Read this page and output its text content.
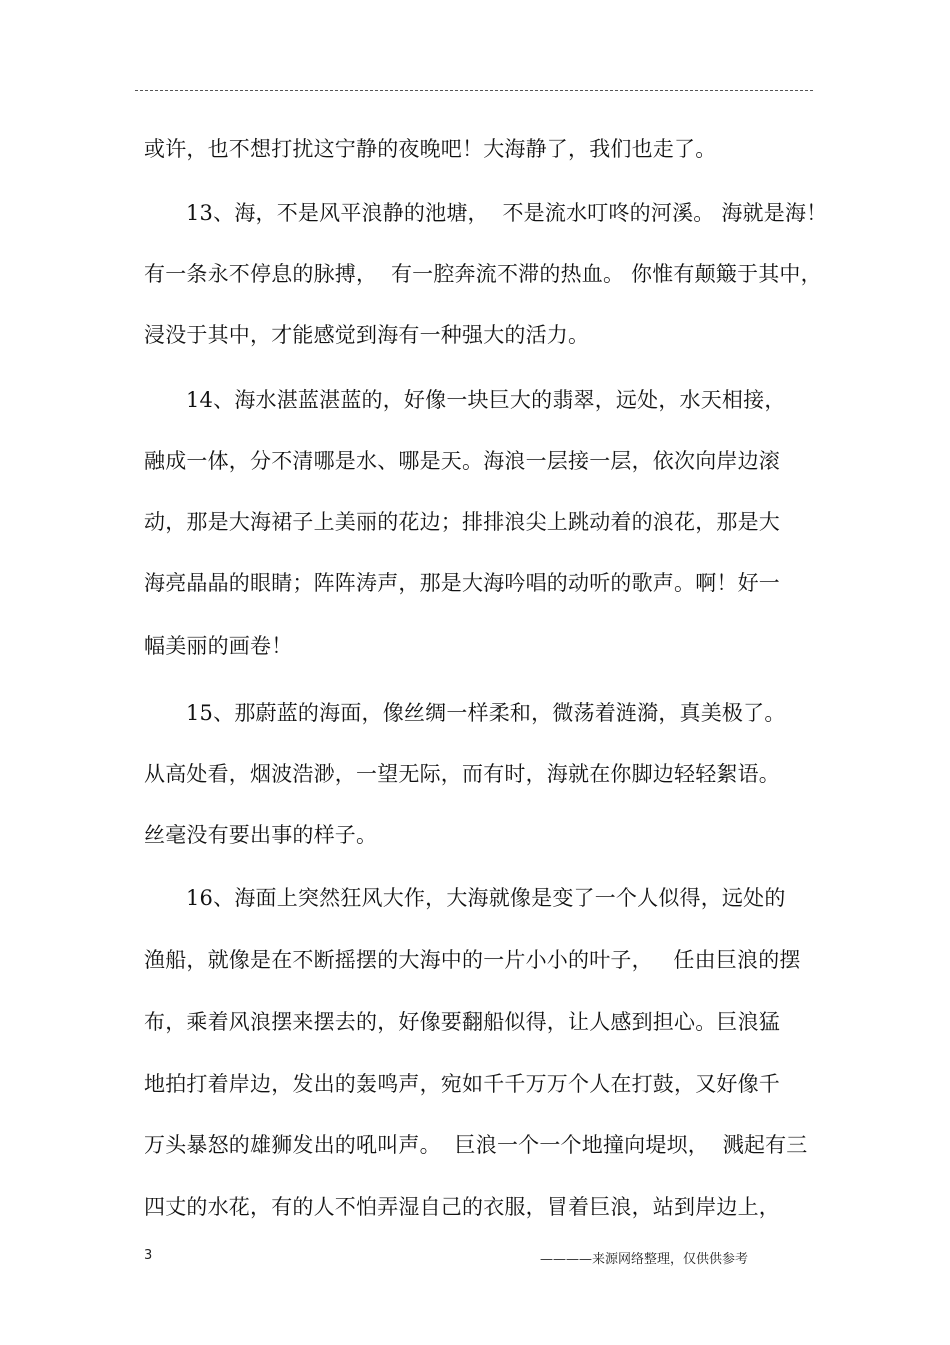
或许，也不想打扰这宁静的夜晚吧！大海静了，我们也走了。
13、海，不是风平浪静的池塘，  不是流水叮咚的河溪。 海就是海！
有一条永不停息的脉搏，  有一腔奔流不滞的热血。 你惟有颠簸于其中，
浸没于其中，才能感觉到海有一种强大的活力。
14、海水湛蓝湛蓝的，好像一块巨大的翡翠，远处，水天相接，
融成一体，分不清哪是水、哪是天。海浪一层接一层，依次向岸边滚
动，那是大海裙子上美丽的花边；排排浪尖上跳动着的浪花，那是大
海亮晶晶的眼睛；阵阵涛声，那是大海吟唱的动听的歌声。啊！好一
幅美丽的画卷！
15、那蔚蓝的海面，像丝绸一样柔和，微荡着涟漪，真美极了。
从高处看，烟波浩渺，一望无际，而有时，海就在你脚边轻轻絮语。
丝毫没有要出事的样子。
16、海面上突然狂风大作，大海就像是变了一个人似得，远处的
渔船，就像是在不断摇摆的大海中的一片小小的叶子，   任由巨浪的摆
布，乘着风浪摆来摆去的，好像要翻船似得，让人感到担心。巨浪猛
地拍打着岸边，发出的轰鸣声，宛如千千万万个人在打鼓，又好像千
万头暴怒的雄狮发出的吼叫声。  巨浪一个一个地撞向堤坝，  溅起有三
四丈的水花，有的人不怕弄湿自己的衣服，冒着巨浪，站到岸边上，
3	————来源网络整理，仅供供参考
